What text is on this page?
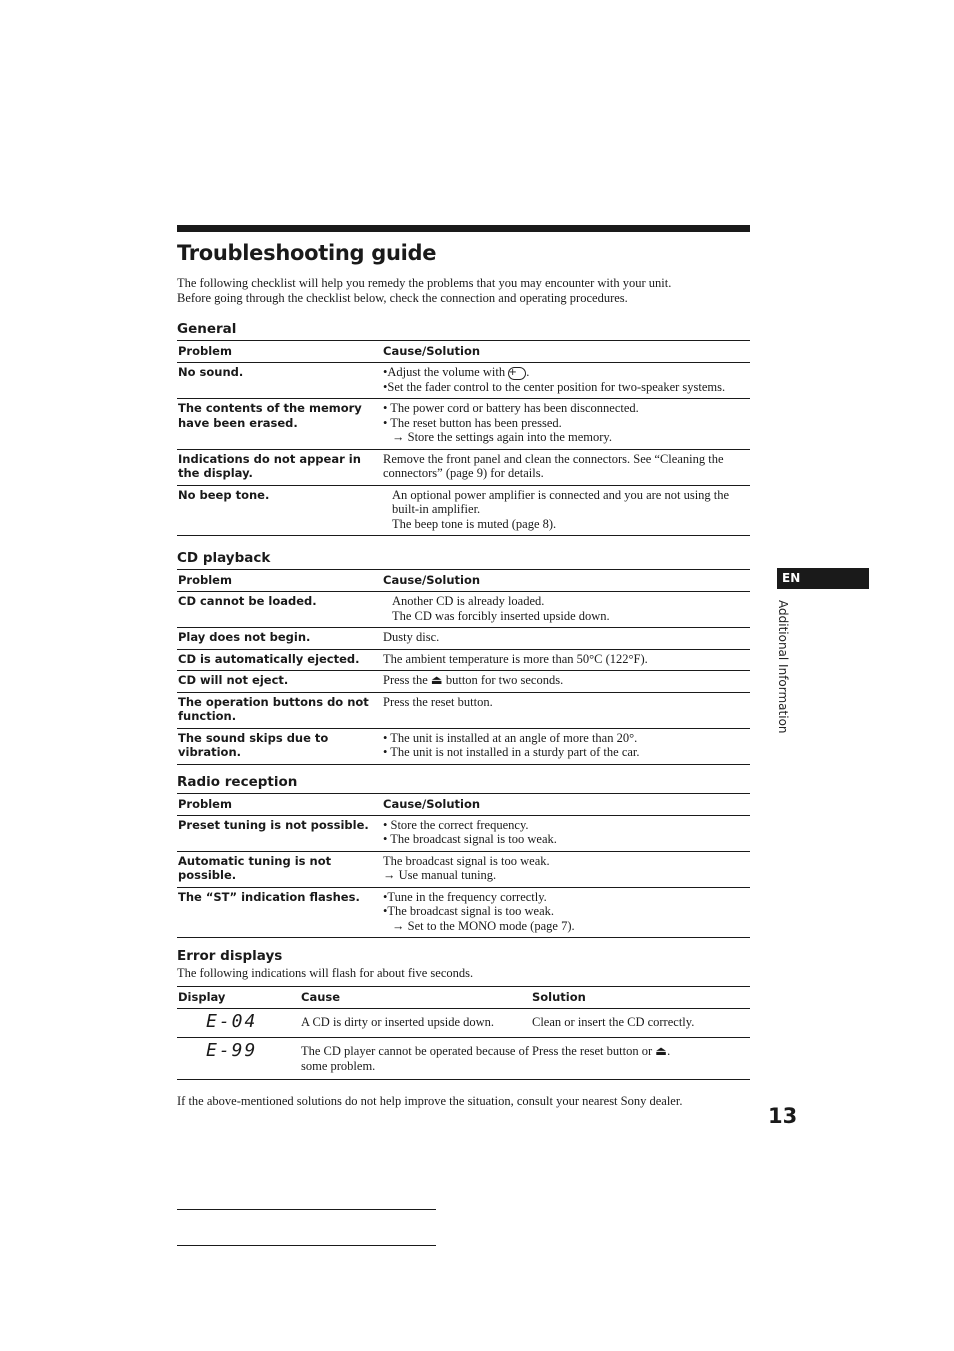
Troubleshooting guide
The following checklist will help you remedy the problems that you may encounter with your unit.
Before going through the checklist below, check the connection and operating procedures.
General
Problem	Cause/Solution
No sound.	•Adjust the volume with + .
•Set the fader control to the center position for two-speaker systems.

The contents of the memory have been erased.	• The power cord or battery has been disconnected.
• The reset button has been pressed.
→ Store the settings again into the memory.

Indications do not appear in the display.	Remove the front panel and clean the connectors. See “Cleaning the connectors” (page 9) for details.

No beep tone.	An optional power amplifier is connected and you are not using the built-in amplifier.
The beep tone is muted (page 8).
CD playback
Problem	Cause/Solution
CD cannot be loaded.	Another CD is already loaded.
The CD was forcibly inserted upside down.

Play does not begin.	Dusty disc.

CD is automatically ejected.	The ambient temperature is more than 50°C (122°F).

CD will not eject.	Press the ⏏ button for two seconds.

The operation buttons do not function.	Press the reset button.

The sound skips due to vibration.	• The unit is installed at an angle of more than 20°.
• The unit is not installed in a sturdy part of the car.
Radio reception
Problem	Cause/Solution
Preset tuning is not possible.	• Store the correct frequency.
• The broadcast signal is too weak.

Automatic tuning is not possible.	The broadcast signal is too weak.
→ Use manual tuning.

The “ST” indication flashes.	•Tune in the frequency correctly.
•The broadcast signal is too weak.
→ Set to the MONO mode (page 7).
Error displays
The following indications will flash for about five seconds.
Display	Cause	Solution
E-04	A CD is dirty or inserted upside down.	Clean or insert the CD correctly.
E-99	The CD player cannot be operated because of some problem.	Press the reset button or ⏏.
If the above-mentioned solutions do not help improve the situation, consult your nearest Sony dealer.
EN
Additional Information
13
